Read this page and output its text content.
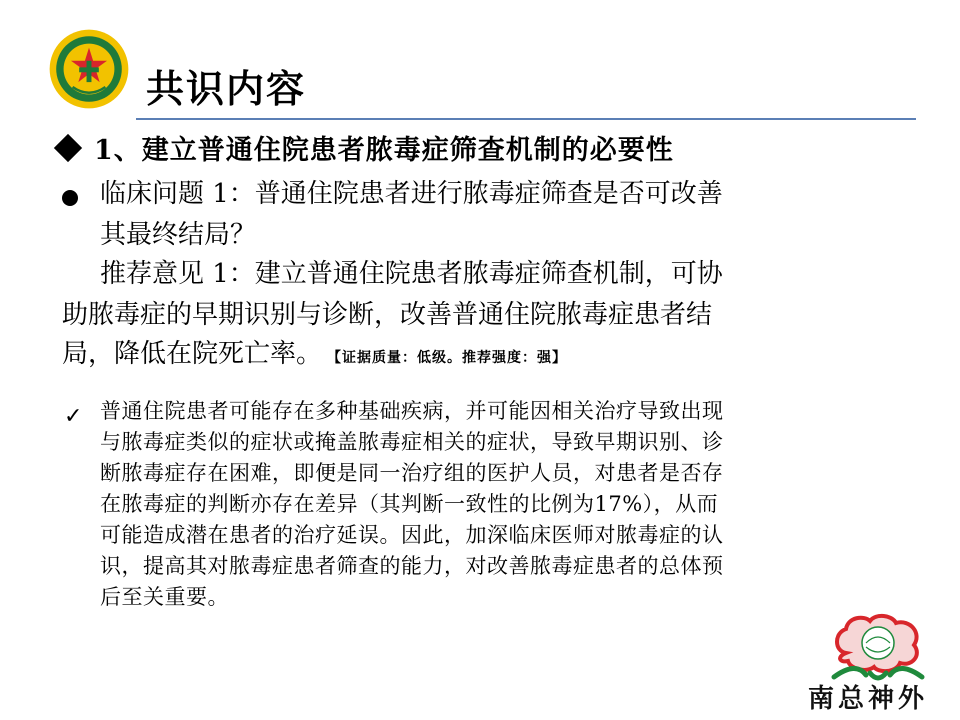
共识内容
1、建立普通住院患者脓毒症筛查机制的必要性
临床问题 1：普通住院患者进行脓毒症筛查是否可改善
其最终结局？
推荐意见 1：建立普通住院患者脓毒症筛查机制，可协
助脓毒症的早期识别与诊断，改善普通住院脓毒症患者结
局，降低在院死亡率。 【证据质量：低级。推荐强度：强】
✓ 普通住院患者可能存在多种基础疾病，并可能因相关治疗导致出现
与脓毒症类似的症状或掩盖脓毒症相关的症状，导致早期识别、诊
断脓毒症存在困难，即便是同一治疗组的医护人员，对患者是否存
在脓毒症的判断亦存在差异（其判断一致性的比例为17%），从而
可能造成潜在患者的治疗延误。因此，加深临床医师对脓毒症的认
识，提高其对脓毒症患者筛查的能力，对改善脓毒症患者的总体预
后至关重要。
南总神外
